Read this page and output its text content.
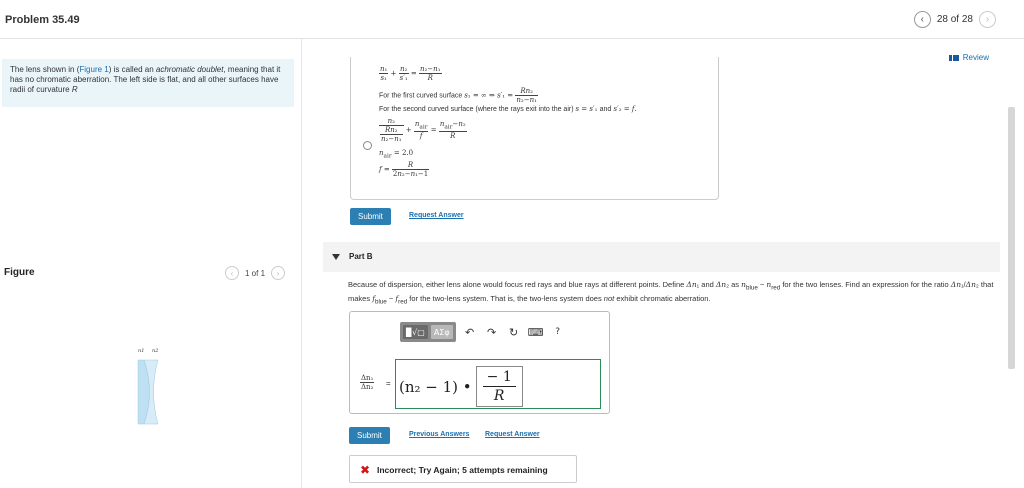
Problem 35.49	‹	28 of 28	›
The lens shown in (Figure 1) is called an achromatic doublet, meaning that it has no chromatic aberration. The left side is flat, and all other surfaces have radii of curvature R
Figure	‹	1 of 1	›
n1 n2
Review
$\frac{\text{n₁}}{\text{s₁}} + \frac{\text{n₂}}{\text{s′₁}} = \frac{\text{n₂−n₁}}{R}$
For the first curved surface s₁ = ∞ ⇒ $s'_1 = \frac{\text{Rn₂}}{\text{n₂−n₁}}$
For the second curved surface (where the rays exit into the air) s = s′₁ and s′₂ = f.
$\frac{\text{n₂}}{\frac{\text{Rn₂}}{\text{n₂−n₁}}} + \frac{n_{air}}{f} = \frac{n_{air}-n_2}{R}$
$n_{air} = 2.0$
$f = \frac{R}{\text{2n₂−n₁−1}}$
Submit	Request Answer
Part B
Because of dispersion, either lens alone would focus red rays and blue rays at different points. Define Δn₁ and Δn₂ as $n_{blue} - n_{red}$ for the two lenses. Find an expression for the ratio Δn₁/Δn₂ that makes $f_{blue} - f_{red}$ for the two-lens system. That is, the two-lens system does not exhibit chromatic aberration.
▉√▢	ΑΣφ	↶	↷	↻ ⌨	?
$\frac{\text{Δn₁}}{\text{Δn₂}} = (n_2 - 1)$ • $\frac{- 1}{R}$
Submit	Previous Answers Request Answer
✖ Incorrect; Try Again; 5 attempts remaining
